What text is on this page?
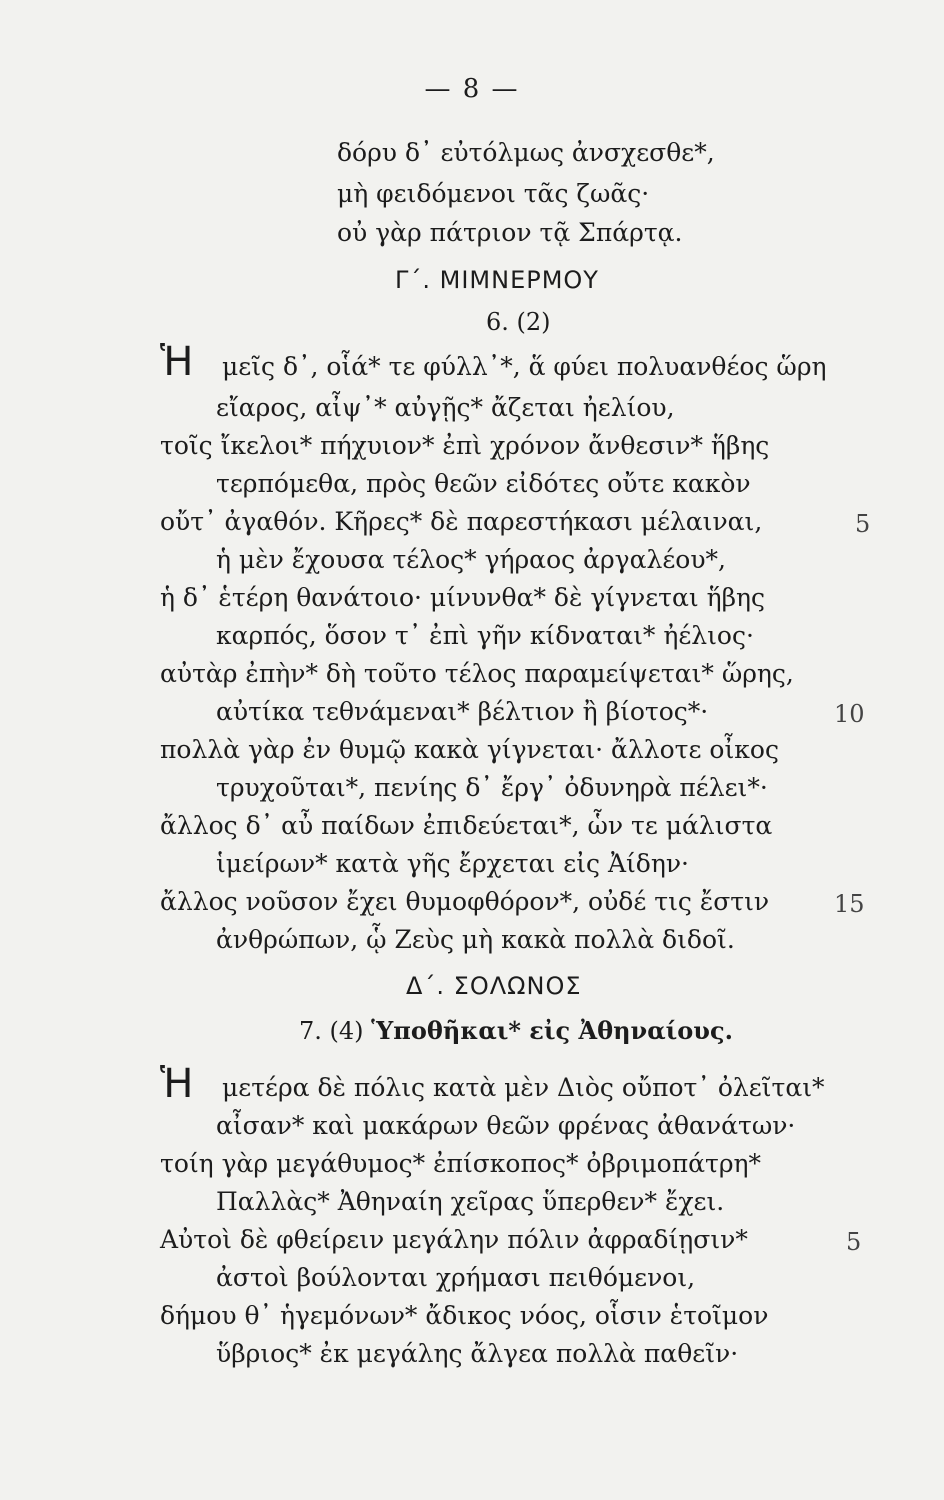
— 8 —
δόρυ δ᾿ εὐτόλμως ἀνσχεσθε*,
μὴ φειδόμενοι τᾶς ζωᾶς·
οὐ γὰρ πάτριον τᾷ Σπάρτᾳ.
Γ΄. ΜΙΜΝΕΡΜΟΥ
6. (2)
Ἡ μεῖς δ᾿, οἷά* τε φύλλ᾿*, ἅ φύει πολυανθέος ὥρη
εἴαρος, αἶψ᾿* αὐγῇς* ἄζεται ἠελίου,
τοῖς ἴκελοι* πήχυιον* ἐπὶ χρόνον ἄνθεσιν* ἥβης
τερπόμεθα, πρὸς θεῶν εἰδότες οὔτε κακὸν
οὔτ᾿ ἀγαθόν. Κῆρες* δὲ παρεστήκασι μέλαιναι,
ἡ μὲν ἔχουσα τέλος* γήραος ἀργαλέου*,
ἡ δ᾿ ἑτέρη θανάτοιο· μίνυνθα* δὲ γίγνεται ἥβης
καρπός, ὅσον τ᾿ ἐπὶ γῆν κίδναται* ἠέλιος·
αὐτὰρ ἐπὴν* δὴ τοῦτο τέλος παραμείψεται* ὥρης,
αὐτίκα τεθνάμεναι* βέλτιον ἢ βίοτος*·
πολλὰ γὰρ ἐν θυμῷ κακὰ γίγνεται· ἄλλοτε οἶκος
τρυχοῦται*, πενίης δ᾿ ἔργ᾿ ὀδυνηρὰ πέλει*·
ἄλλος δ᾿ αὖ παίδων ἐπιδεύεται*, ὧν τε μάλιστα
ἱμείρων* κατὰ γῆς ἔρχεται εἰς Ἀίδην·
ἄλλος νοῦσον ἔχει θυμοφθόρον*, οὐδέ τις ἔστιν
ἀνθρώπων, ᾧ Ζεὺς μὴ κακὰ πολλὰ διδοῖ.
5
10
15
Δ΄. ΣΟΛΩΝΟΣ
7. (4) Ὑποθῆκαι* εἰς Ἀθηναίους.
Ἡ μετέρα δὲ πόλις κατὰ μὲν Διὸς οὔποτ᾿ ὀλεῖται*
αἶσαν* καὶ μακάρων θεῶν φρένας ἀθανάτων·
τοίη γὰρ μεγάθυμος* ἐπίσκοπος* ὀβριμοπάτρη*
Παλλὰς* Ἀθηναίη χεῖρας ὕπερθεν* ἔχει.
Αὐτοὶ δὲ φθείρειν μεγάλην πόλιν ἀφραδίῃσιν*
ἀστοὶ βούλονται χρήμασι πειθόμενοι,
δήμου θ᾿ ἡγεμόνων* ἄδικος νόος, οἷσιν ἑτοῖμον
ὕβριος* ἐκ μεγάλης ἄλγεα πολλὰ παθεῖν·
5
